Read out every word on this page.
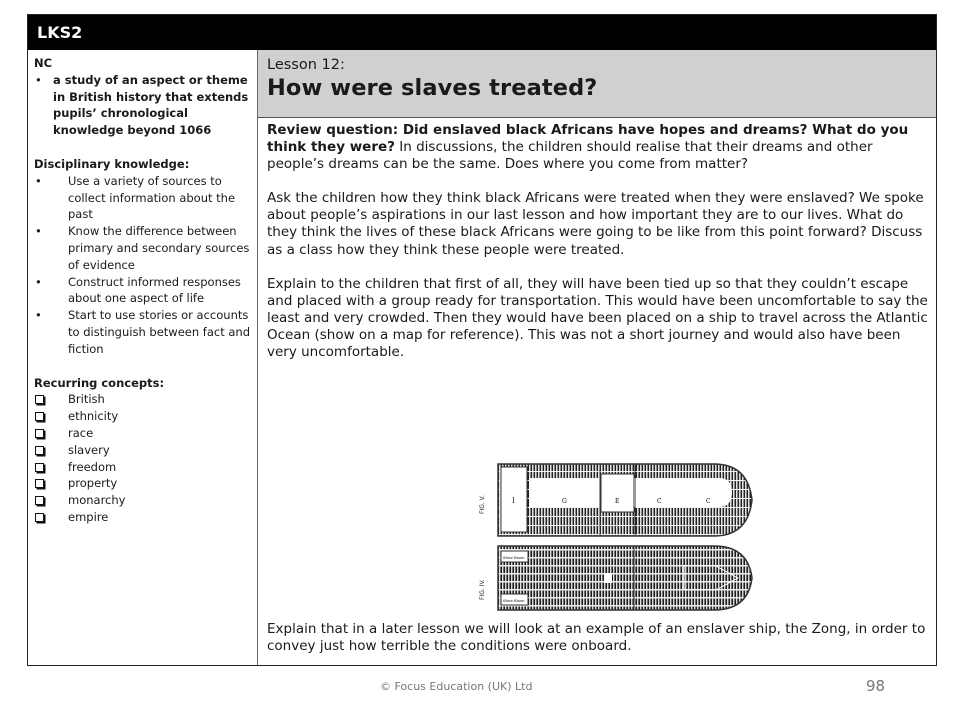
LKS2
NC
• a study of an aspect or theme in British history that extends pupils’ chronological knowledge beyond 1066
Disciplinary knowledge:
• Use a variety of sources to collect information about the past
• Know the difference between primary and secondary sources of evidence
• Construct informed responses about one aspect of life
• Start to use stories or accounts to distinguish between fact and fiction
Recurring concepts:
British
ethnicity
race
slavery
freedom
property
monarchy
empire
Lesson 12:
How were slaves treated?

Review question: Did enslaved black Africans have hopes and dreams? What do you think they were? In discussions, the children should realise that their dreams and other people’s dreams can be the same. Does where you come from matter?

Ask the children how they think black Africans were treated when they were enslaved? We spoke about people’s aspirations in our last lesson and how important they are to our lives. What do they think the lives of these black Africans were going to be like from this point forward? Discuss as a class how they think these people were treated.

Explain to the children that first of all, they will have been tied up so that they couldn’t escape and placed with a group ready for transportation. This would have been uncomfortable to say the least and very crowded. Then they would have been placed on a ship to travel across the Atlantic Ocean (show on a map for reference). This was not a short journey and would also have been very uncomfortable.

FIG. V.	I	G	E	C	C
FIG. IV.
Store Room
Store Room
Explain that in a later lesson we will look at an example of an enslaver ship, the Zong, in order to convey just how terrible the conditions were onboard.
© Focus Education (UK) Ltd	98
